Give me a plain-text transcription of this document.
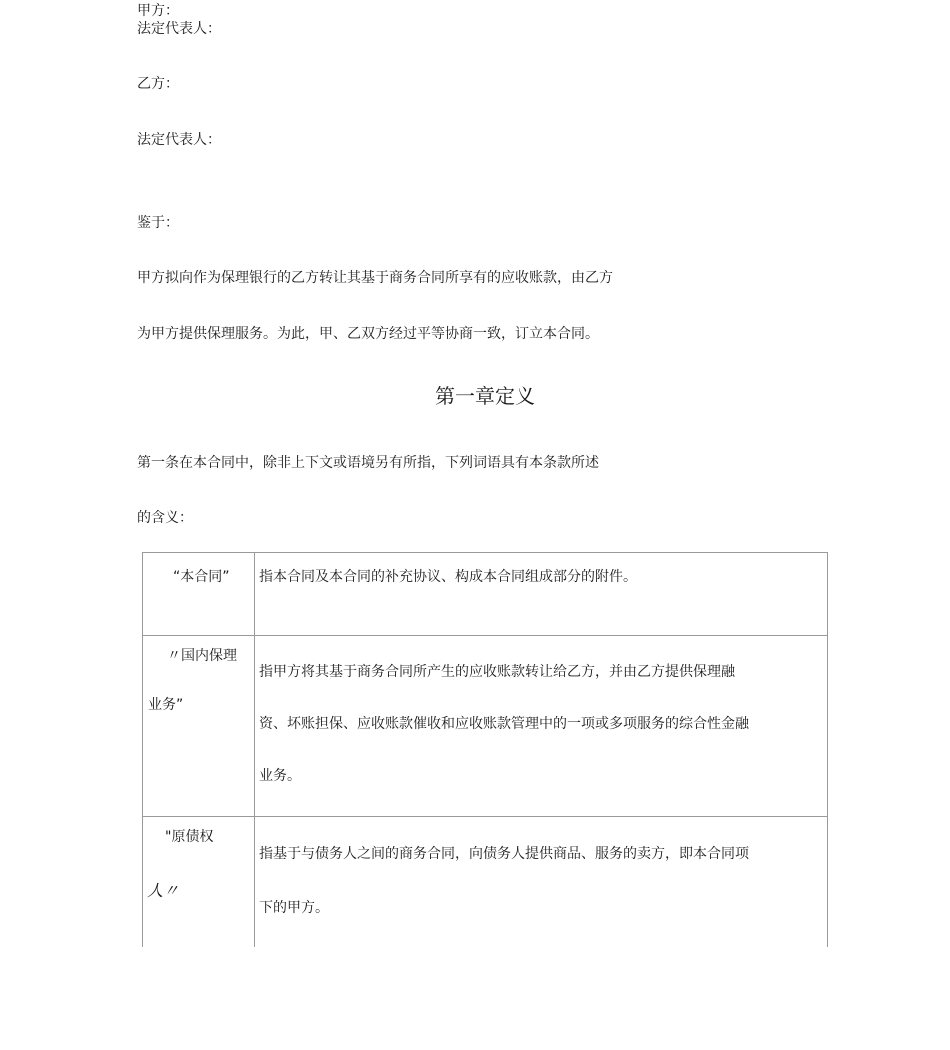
甲方：
法定代表人：
乙方：
法定代表人：
鉴于：
甲方拟向作为保理银行的乙方转让其基于商务合同所享有的应收账款，由乙方
为甲方提供保理服务。为此，甲、乙双方经过平等协商一致，订立本合同。
第一章定义
第一条在本合同中，除非上下文或语境另有所指，下列词语具有本条款所述
的含义：
“本合同” 指本合同及本合同的补充协议、构成本合同组成部分的附件。
〃国内保理
业务”
指甲方将其基于商务合同所产生的应收账款转让给乙方，并由乙方提供保理融
资、坏账担保、应收账款催收和应收账款管理中的一项或多项服务的综合性金融
业务。
"原债权
人〃
指基于与债务人之间的商务合同，向债务人提供商品、服务的卖方，即本合同项
下的甲方。
